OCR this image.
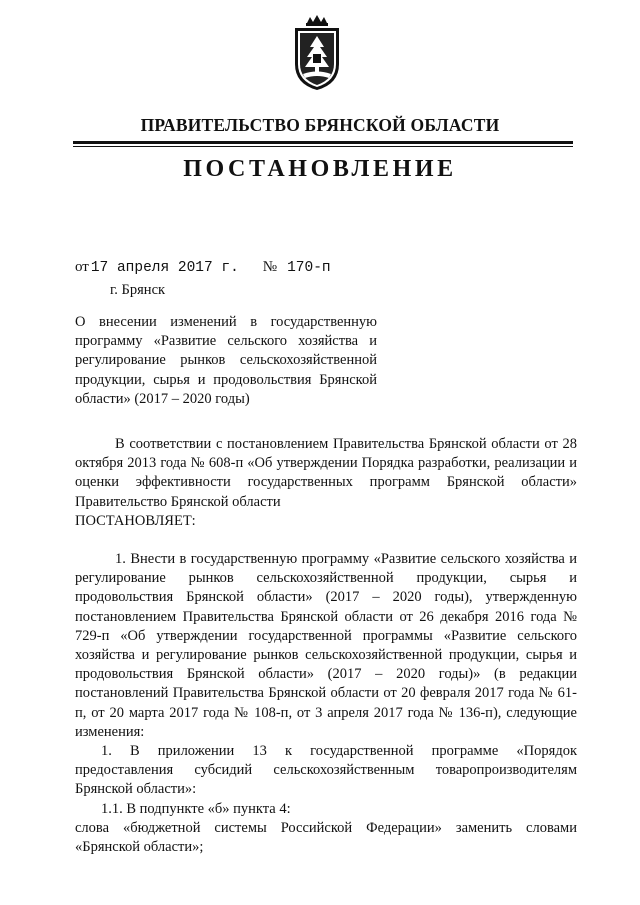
ПРАВИТЕЛЬСТВО БРЯНСКОЙ ОБЛАСТИ
ПОСТАНОВЛЕНИЕ
от 17 апреля 2017 г. № 170-п
г. Брянск
О внесении изменений в государственную программу «Развитие сельского хозяйства и регулирование рынков сельскохозяйственной продукции, сырья и продовольствия Брянской области» (2017 – 2020 годы)

В соответствии с постановлением Правительства Брянской области от 28 октября 2013 года № 608-п «Об утверждении Порядка разработки, реализации и оценки эффективности государственных программ Брянской области» Правительство Брянской области

ПОСТАНОВЛЯЕТ:

1. Внести в государственную программу «Развитие сельского хозяйства и регулирование рынков сельскохозяйственной продукции, сырья и продовольствия Брянской области» (2017 – 2020 годы), утвержденную постановлением Правительства Брянской области от 26 декабря 2016 года № 729-п «Об утверждении государственной программы «Развитие сельского хозяйства и регулирование рынков сельскохозяйственной продукции, сырья и продовольствия Брянской области» (2017 – 2020 годы)» (в редакции постановлений Правительства Брянской области от 20 февраля 2017 года № 61-п, от 20 марта 2017 года № 108-п, от 3 апреля 2017 года № 136-п), следующие изменения:

1. В приложении 13 к государственной программе «Порядок предоставления субсидий сельскохозяйственным товаропроизводителям Брянской области»:

1.1. В подпункте «б» пункта 4:

слова «бюджетной системы Российской Федерации» заменить словами «Брянской области»;
